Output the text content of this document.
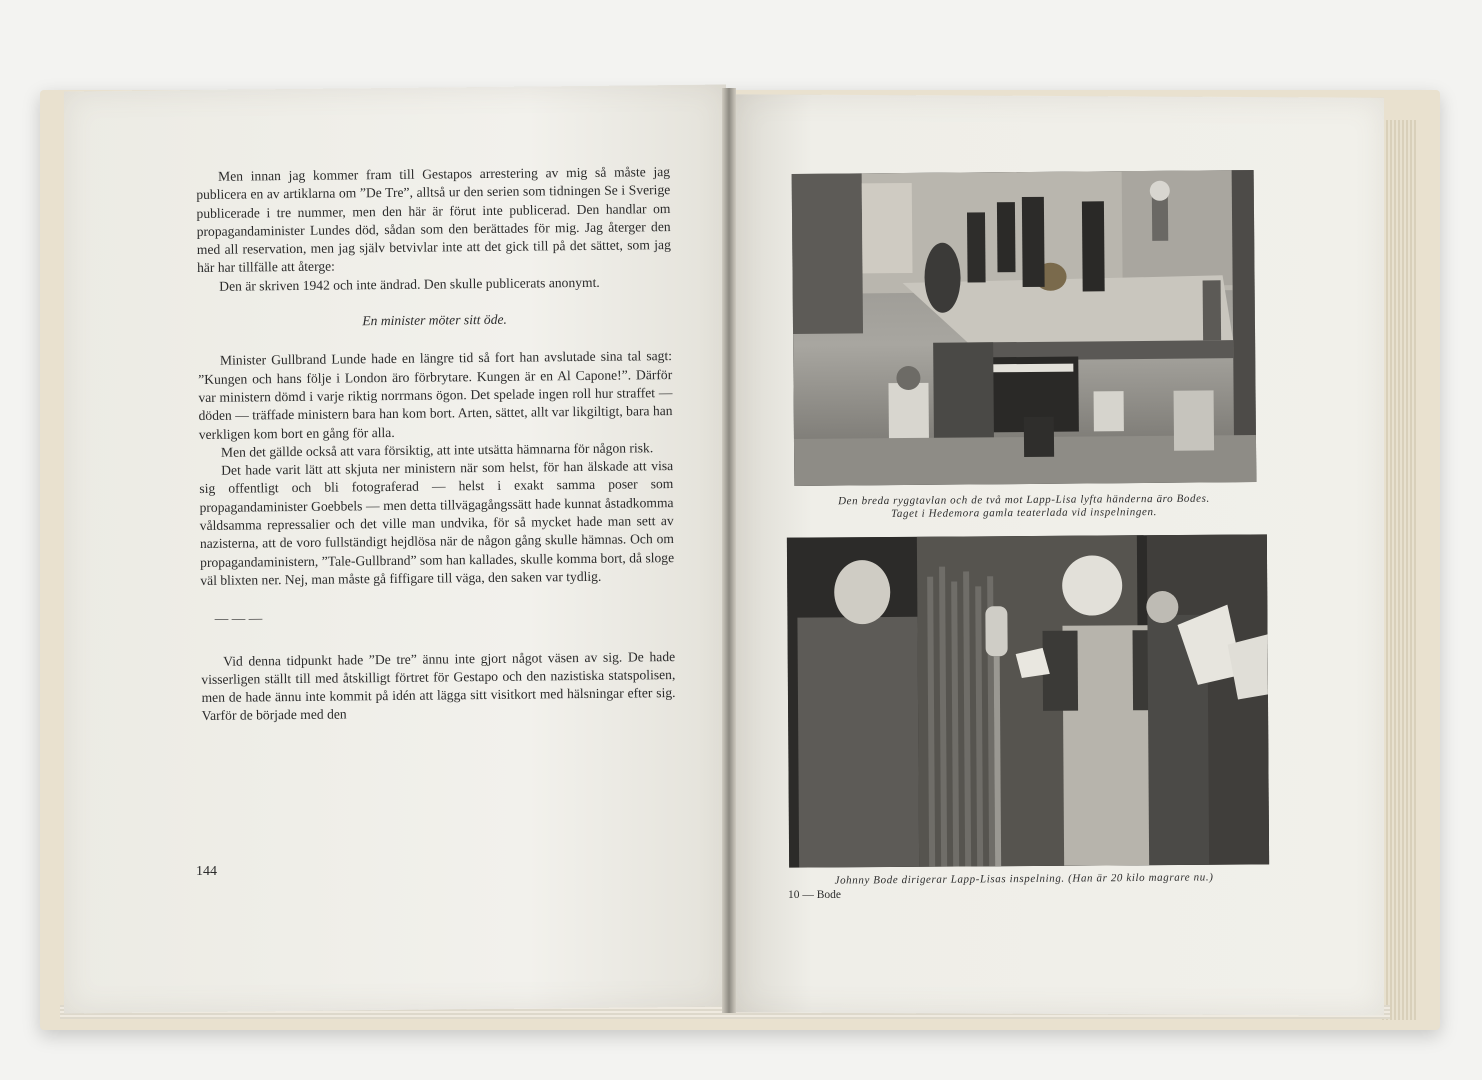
Men innan jag kommer fram till Gestapos arrestering av mig så måste jag publicera en av artiklarna om ”De Tre”, alltså ur den serien som tidningen Se i Sverige publicerade i tre nummer, men den här är förut inte publicerad. Den handlar om propagandaminister Lundes död, sådan som den berättades för mig. Jag återger den med all reservation, men jag själv betvivlar inte att det gick till på det sättet, som jag här har tillfälle att återge:

Den är skriven 1942 och inte ändrad. Den skulle publicerats anonymt.

En minister möter sitt öde.

Minister Gullbrand Lunde hade en längre tid så fort han avslutade sina tal sagt: ”Kungen och hans följe i London äro förbrytare. Kungen är en Al Capone!”. Därför var ministern dömd i varje riktig norrmans ögon. Det spelade ingen roll hur straffet — döden — träffade ministern bara han kom bort. Arten, sättet, allt var likgiltigt, bara han verkligen kom bort en gång för alla.

Men det gällde också att vara försiktig, att inte utsätta hämnarna för någon risk.

Det hade varit lätt att skjuta ner ministern när som helst, för han älskade att visa sig offentligt och bli fotograferad — helst i exakt samma poser som propagandaminister Goebbels — men detta tillvägagångssätt hade kunnat åstadkomma våldsamma repressalier och det ville man undvika, för så mycket hade man sett av nazisterna, att de voro fullständigt hejdlösa när de någon gång skulle hämnas. Och om propagandaministern, ”Tale-Gullbrand” som han kallades, skulle komma bort, då sloge väl blixten ner. Nej, man måste gå fiffigare till väga, den saken var tydlig.

— — —

Vid denna tidpunkt hade ”De tre” ännu inte gjort något väsen av sig. De hade visserligen ställt till med åtskilligt förtret för Gestapo och den nazistiska statspolisen, men de hade ännu inte kommit på idén att lägga sitt visitkort med hälsningar efter sig. Varför de började med den

144
Den breda ryggtavlan och de två mot Lapp-Lisa lyfta händerna äro Bodes.
Taget i Hedemora gamla teaterlada vid inspelningen.
Johnny Bode dirigerar Lapp-Lisas inspelning. (Han är 20 kilo magrare nu.)
10 — Bode
